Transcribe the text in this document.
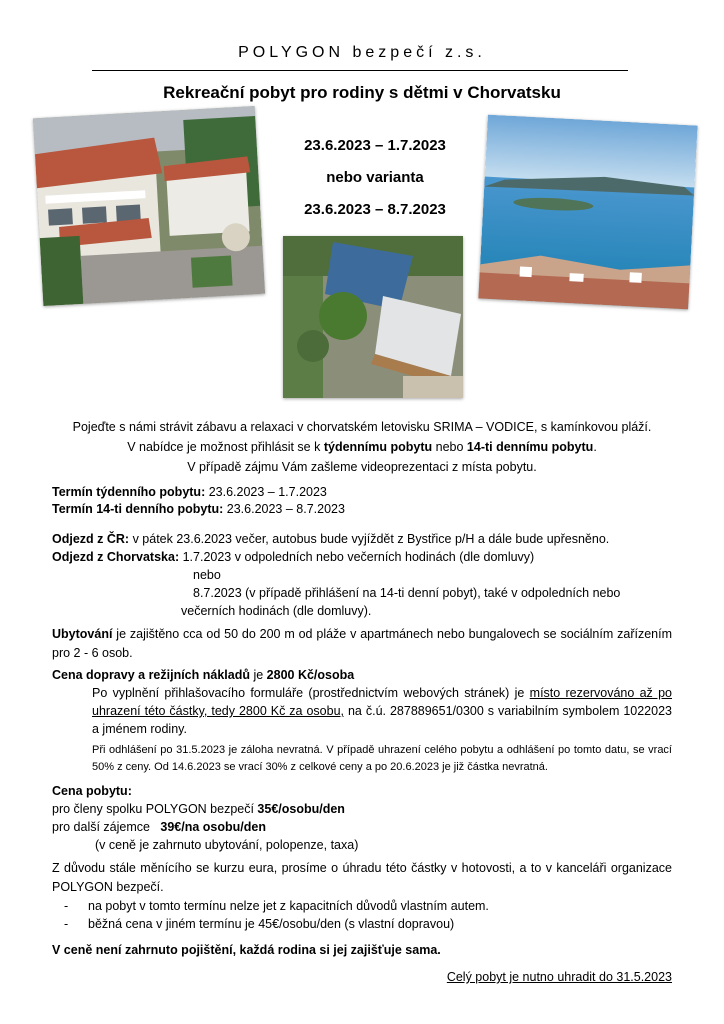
POLYGON bezpečí z.s.
Rekreační pobyt pro rodiny s dětmi v Chorvatsku
23.6.2023 – 1.7.2023
nebo varianta
23.6.2023 – 8.7.2023
Pojeďte s námi strávit zábavu a relaxaci v chorvatském letovisku SRIMA – VODICE, s kamínkovou pláží.
V nabídce je možnost přihlásit se k týdennímu pobytu nebo 14-ti dennímu pobytu.
V případě zájmu Vám zašleme videoprezentaci z místa pobytu.
Termín týdenního pobytu: 23.6.2023 – 1.7.2023
Termín 14-ti denního pobytu: 23.6.2023 – 8.7.2023
Odjezd z ČR: v pátek 23.6.2023 večer, autobus bude vyjíždět z Bystřice p/H a dále bude upřesněno.
Odjezd z Chorvatska: 1.7.2023 v odpoledních nebo večerních hodinách (dle domluvy)
nebo
8.7.2023 (v případě přihlášení na 14-ti denní pobyt), také v odpoledních nebo
večerních hodinách (dle domluvy).
Ubytování je zajištěno cca od 50 do 200 m od pláže v apartmánech nebo bungalovech se sociálním zařízením pro 2 - 6 osob.
Cena dopravy a režijních nákladů je 2800 Kč/osoba
Po vyplnění přihlašovacího formuláře (prostřednictvím webových stránek) je místo rezervováno až po uhrazení této částky, tedy 2800 Kč za osobu, na č.ú. 287889651/0300 s variabilním symbolem 1022023 a jménem rodiny.
Při odhlášení po 31.5.2023 je záloha nevratná. V případě uhrazení celého pobytu a odhlášení po tomto datu, se vrací 50% z ceny. Od 14.6.2023 se vrací 30% z celkové ceny a po 20.6.2023 je již částka nevratná.
Cena pobytu:
pro členy spolku POLYGON bezpečí 35€/osobu/den
pro další zájemce   39€/na osobu/den
(v ceně je zahrnuto ubytování, polopenze, taxa)
Z důvodu stále měnícího se kurzu eura, prosíme o úhradu této částky v hotovosti, a to v kanceláři organizace POLYGON bezpečí.
- na pobyt v tomto termínu nelze jet z kapacitních důvodů vlastním autem.
- běžná cena v jiném termínu je 45€/osobu/den (s vlastní dopravou)
V ceně není zahrnuto pojištění, každá rodina si jej zajišťuje sama.
Celý pobyt je nutno uhradit do 31.5.2023
